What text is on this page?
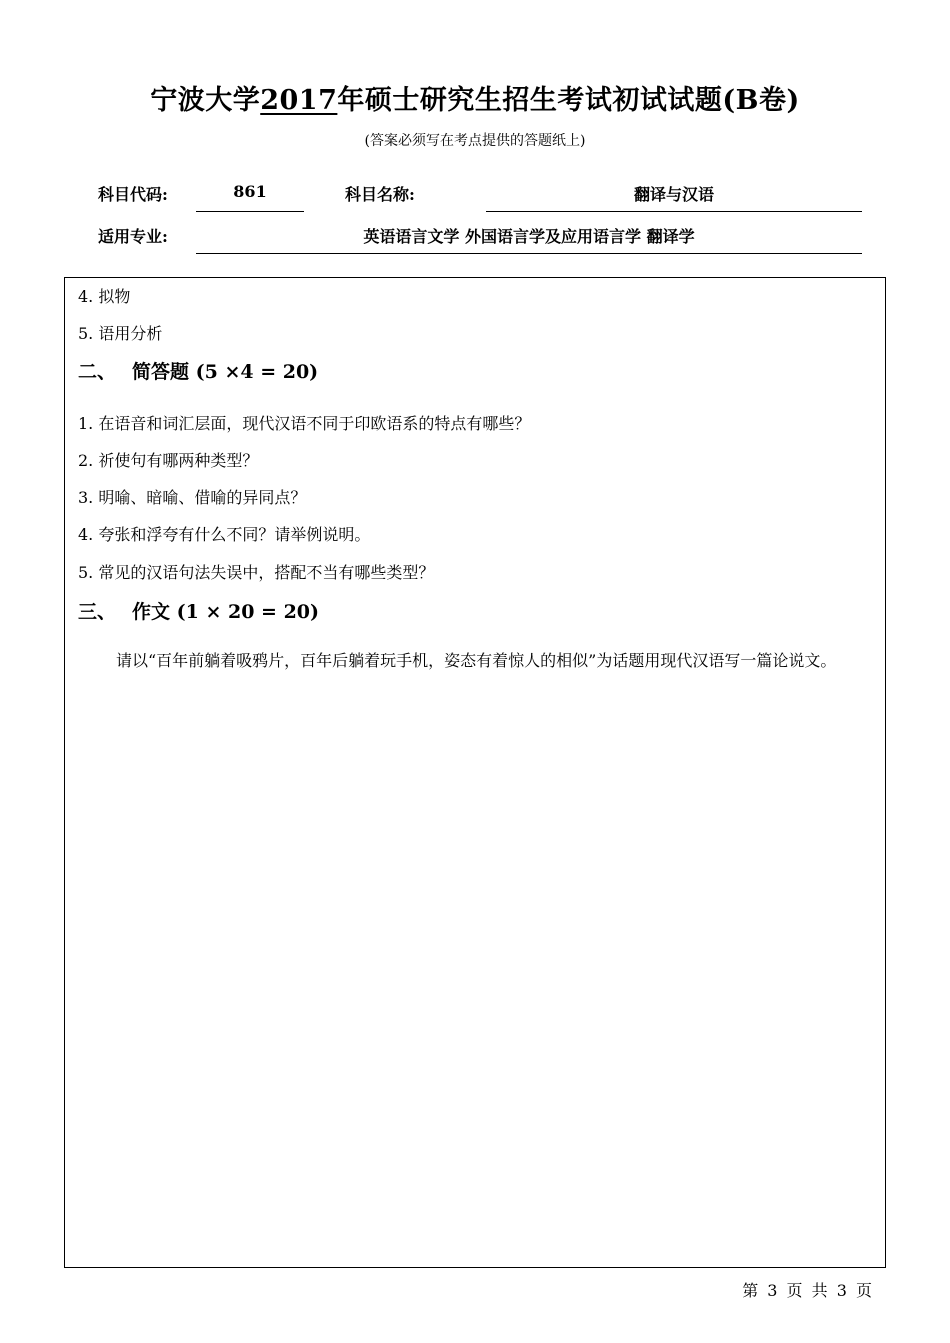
宁波大学2017年硕士研究生招生考试初试试题(B卷)
(答案必须写在考点提供的答题纸上)
科目代码:	861	科目名称:	翻译与汉语
适用专业:	英语语言文学 外国语言学及应用语言学 翻译学
4. 拟物
5. 语用分析
二、 简答题 (5 ×4 = 20)
1. 在语音和词汇层面，现代汉语不同于印欧语系的特点有哪些？
2. 祈使句有哪两种类型？
3. 明喻、暗喻、借喻的异同点？
4. 夸张和浮夸有什么不同？请举例说明。
5. 常见的汉语句法失误中，搭配不当有哪些类型？
三、 作文 (1 × 20 = 20)
请以“百年前躺着吸鸦片，百年后躺着玩手机，姿态有着惊人的相似”为话题用现代汉语写一篇论说文。
第 3 页 共 3 页
